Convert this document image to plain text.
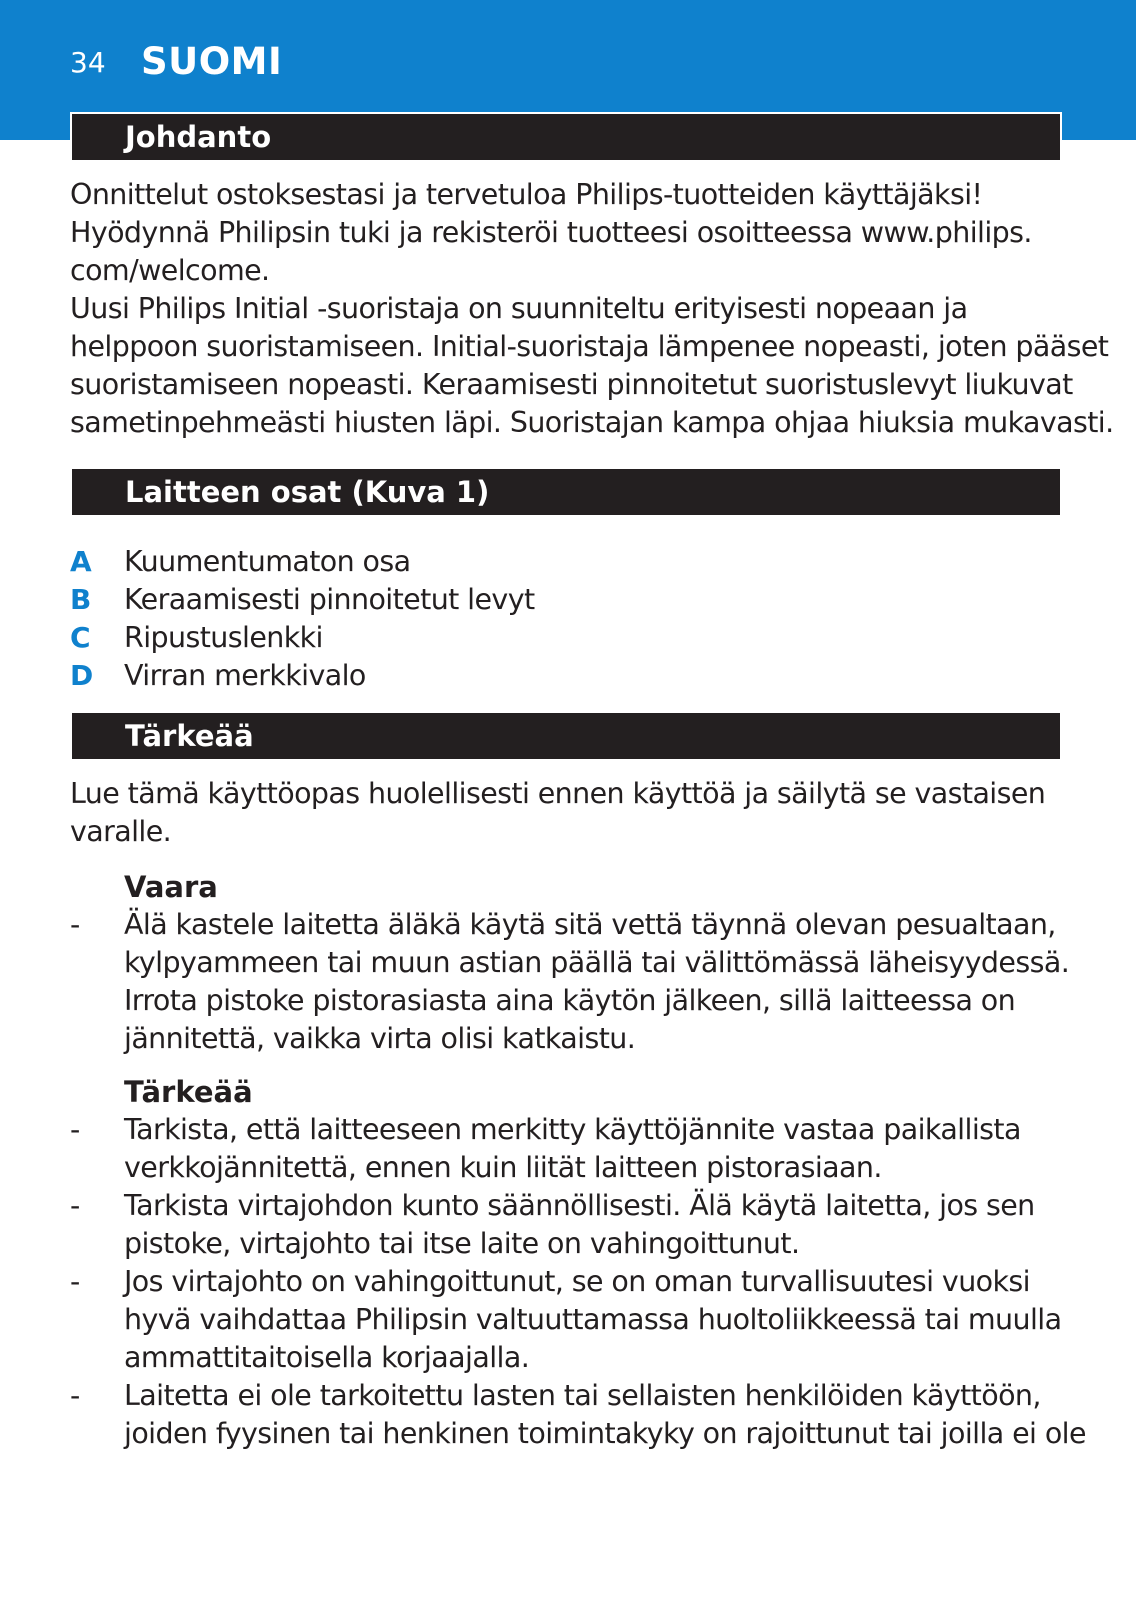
34 SUOMI
Johdanto
Onnittelut ostoksestasi ja tervetuloa Philips-tuotteiden käyttäjäksi!
Hyödynnä Philipsin tuki ja rekisteröi tuotteesi osoitteessa www.philips.
com/welcome.
Uusi Philips Initial -suoristaja on suunniteltu erityisesti nopeaan ja
helppoon suoristamiseen. Initial-suoristaja lämpenee nopeasti, joten pääset
suoristamiseen nopeasti. Keraamisesti pinnoitetut suoristuslevyt liukuvat
sametinpehmeästi hiusten läpi. Suoristajan kampa ohjaa hiuksia mukavasti.
Laitteen osat (Kuva 1)
A Kuumentumaton osa
B Keraamisesti pinnoitetut levyt
C Ripustuslenkki
D Virran merkkivalo
Tärkeää
Lue tämä käyttöopas huolellisesti ennen käyttöä ja säilytä se vastaisen
varalle.
Vaara
- Älä kastele laitetta äläkä käytä sitä vettä täynnä olevan pesualtaan,
kylpyammeen tai muun astian päällä tai välittömässä läheisyydessä.
Irrota pistoke pistorasiasta aina käytön jälkeen, sillä laitteessa on
jännitettä, vaikka virta olisi katkaistu.
Tärkeää
- Tarkista, että laitteeseen merkitty käyttöjännite vastaa paikallista
verkkojännitettä, ennen kuin liität laitteen pistorasiaan.
- Tarkista virtajohdon kunto säännöllisesti. Älä käytä laitetta, jos sen
pistoke, virtajohto tai itse laite on vahingoittunut.
- Jos virtajohto on vahingoittunut, se on oman turvallisuutesi vuoksi
hyvä vaihdattaa Philipsin valtuuttamassa huoltoliikkeessä tai muulla
ammattitaitoisella korjaajalla.
- Laitetta ei ole tarkoitettu lasten tai sellaisten henkilöiden käyttöön,
joiden fyysinen tai henkinen toimintakyky on rajoittunut tai joilla ei ole
